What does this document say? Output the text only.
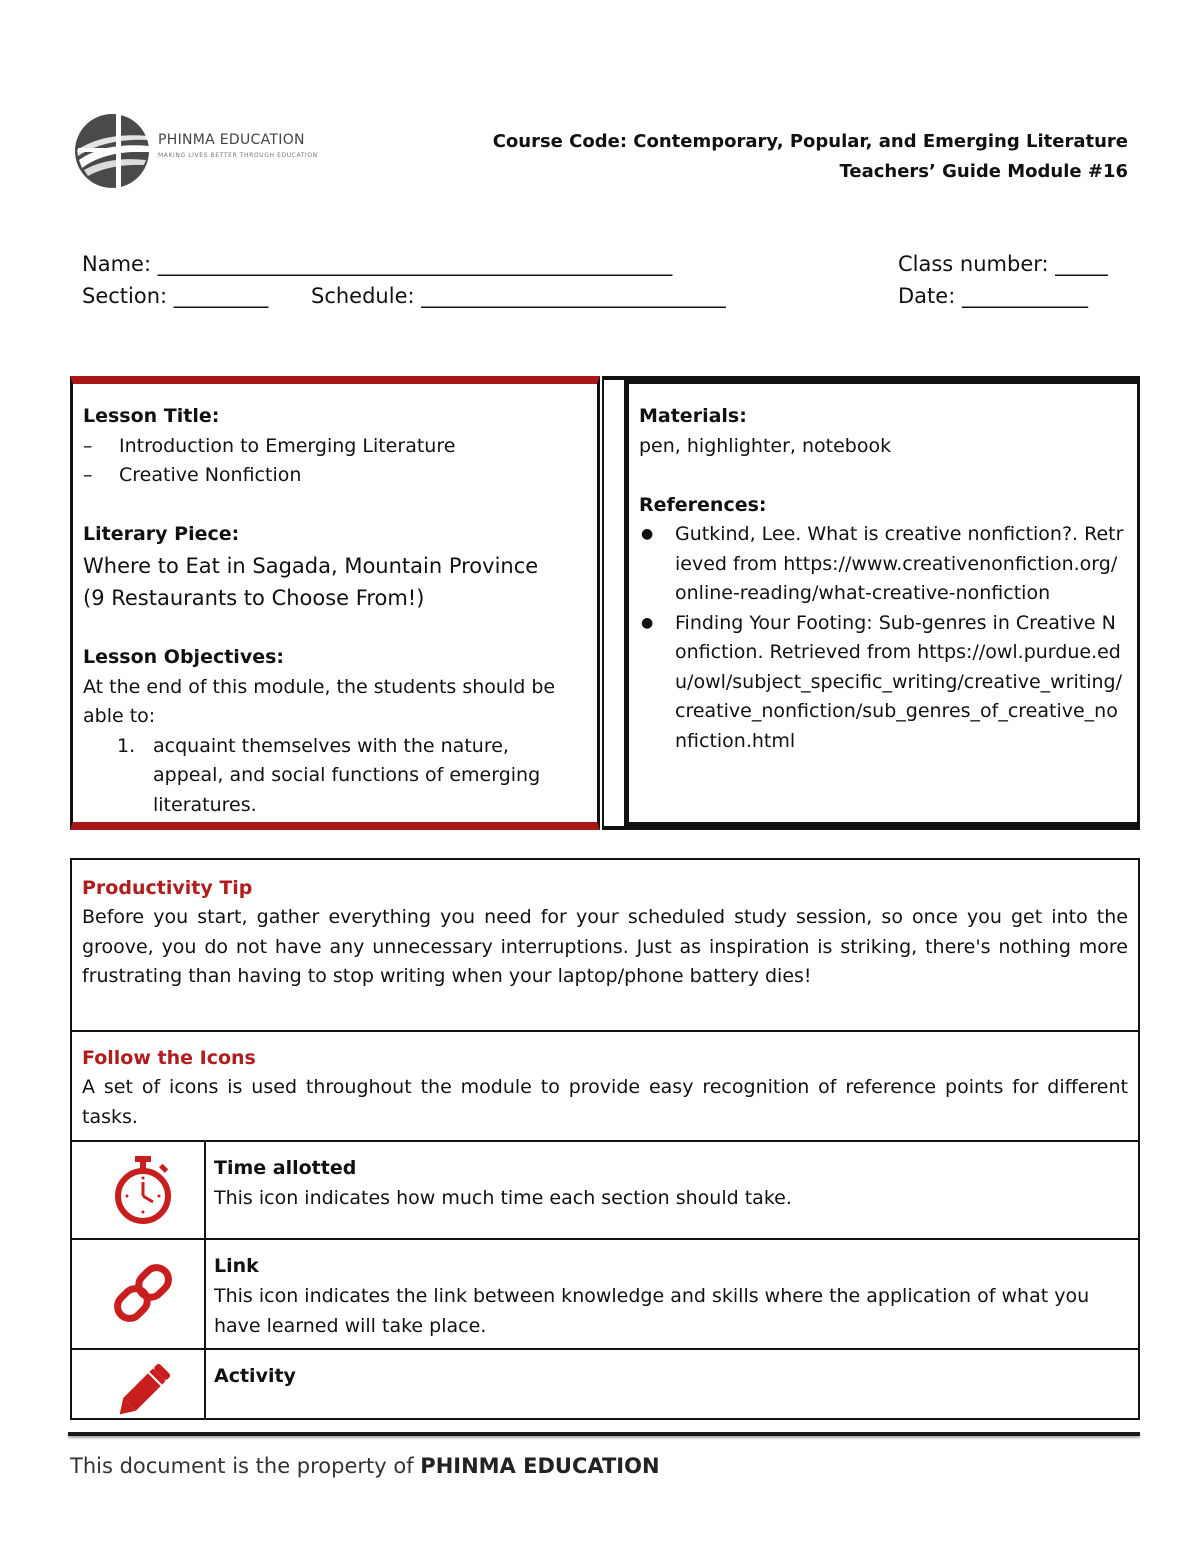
PHINMA EDUCATION
MAKING LIVES BETTER THROUGH EDUCATION
Course Code: Contemporary, Popular, and Emerging Literature
Teachers’ Guide Module #16
Name: _________________________________________________	Class number: _____
Section: _________ Schedule: _____________________________	Date: ____________
Lesson Title:
–	Introduction to Emerging Literature
–	Creative Nonfiction
Literary Piece:
Where to Eat in Sagada, Mountain Province
(9 Restaurants to Choose From!)
Lesson Objectives:
At the end of this module, the students should be able to:
1. acquaint themselves with the nature, appeal, and social functions of emerging literatures.
Materials:
pen, highlighter, notebook
References:
●	Gutkind, Lee. What is creative nonfiction?. Retrieved from https://www.creativenonfiction.org/online-reading/what-creative-nonfiction
●	Finding Your Footing: Sub-genres in Creative Nonfiction. Retrieved from https://owl.purdue.edu/owl/subject_specific_writing/creative_writing/creative_nonfiction/sub_genres_of_creative_nonfiction.html
Productivity Tip
Before you start, gather everything you need for your scheduled study session, so once you get into the groove, you do not have any unnecessary interruptions. Just as inspiration is striking, there's nothing more frustrating than having to stop writing when your laptop/phone battery dies!
Follow the Icons
A set of icons is used throughout the module to provide easy recognition of reference points for different tasks.
Time allotted
This icon indicates how much time each section should take.
Link
This icon indicates the link between knowledge and skills where the application of what you have learned will take place.
Activity
This document is the property of PHINMA EDUCATION
